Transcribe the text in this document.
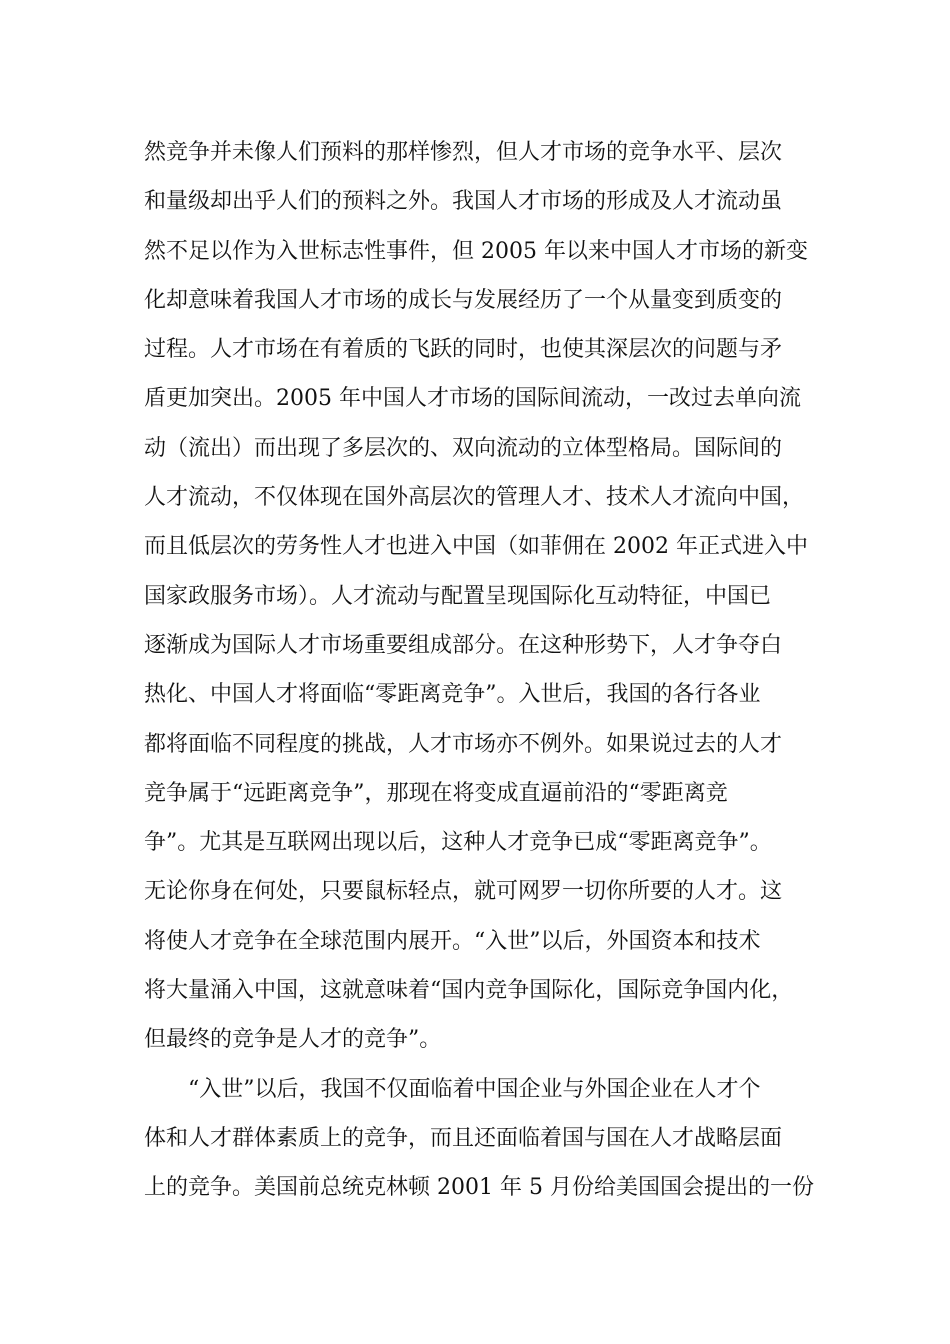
然竞争并未像人们预料的那样惨烈，但人才市场的竞争水平、层次
和量级却出乎人们的预料之外。我国人才市场的形成及人才流动虽
然不足以作为入世标志性事件，但 2005 年以来中国人才市场的新变
化却意味着我国人才市场的成长与发展经历了一个从量变到质变的
过程。人才市场在有着质的飞跃的同时，也使其深层次的问题与矛
盾更加突出。2005 年中国人才市场的国际间流动，一改过去单向流
动（流出）而出现了多层次的、双向流动的立体型格局。国际间的
人才流动，不仅体现在国外高层次的管理人才、技术人才流向中国，
而且低层次的劳务性人才也进入中国（如菲佣在 2002 年正式进入中
国家政服务市场）。人才流动与配置呈现国际化互动特征，中国已
逐渐成为国际人才市场重要组成部分。在这种形势下，人才争夺白
热化、中国人才将面临“零距离竞争”。入世后，我国的各行各业
都将面临不同程度的挑战，人才市场亦不例外。如果说过去的人才
竞争属于“远距离竞争”，那现在将变成直逼前沿的“零距离竞
争”。尤其是互联网出现以后，这种人才竞争已成“零距离竞争”。
无论你身在何处，只要鼠标轻点，就可网罗一切你所要的人才。这
将使人才竞争在全球范围内展开。“入世”以后，外国资本和技术
将大量涌入中国，这就意味着“国内竞争国际化，国际竞争国内化，
但最终的竞争是人才的竞争”。
“入世”以后，我国不仅面临着中国企业与外国企业在人才个
体和人才群体素质上的竞争，而且还面临着国与国在人才战略层面
上的竞争。美国前总统克林顿 2001 年 5 月份给美国国会提出的一份
